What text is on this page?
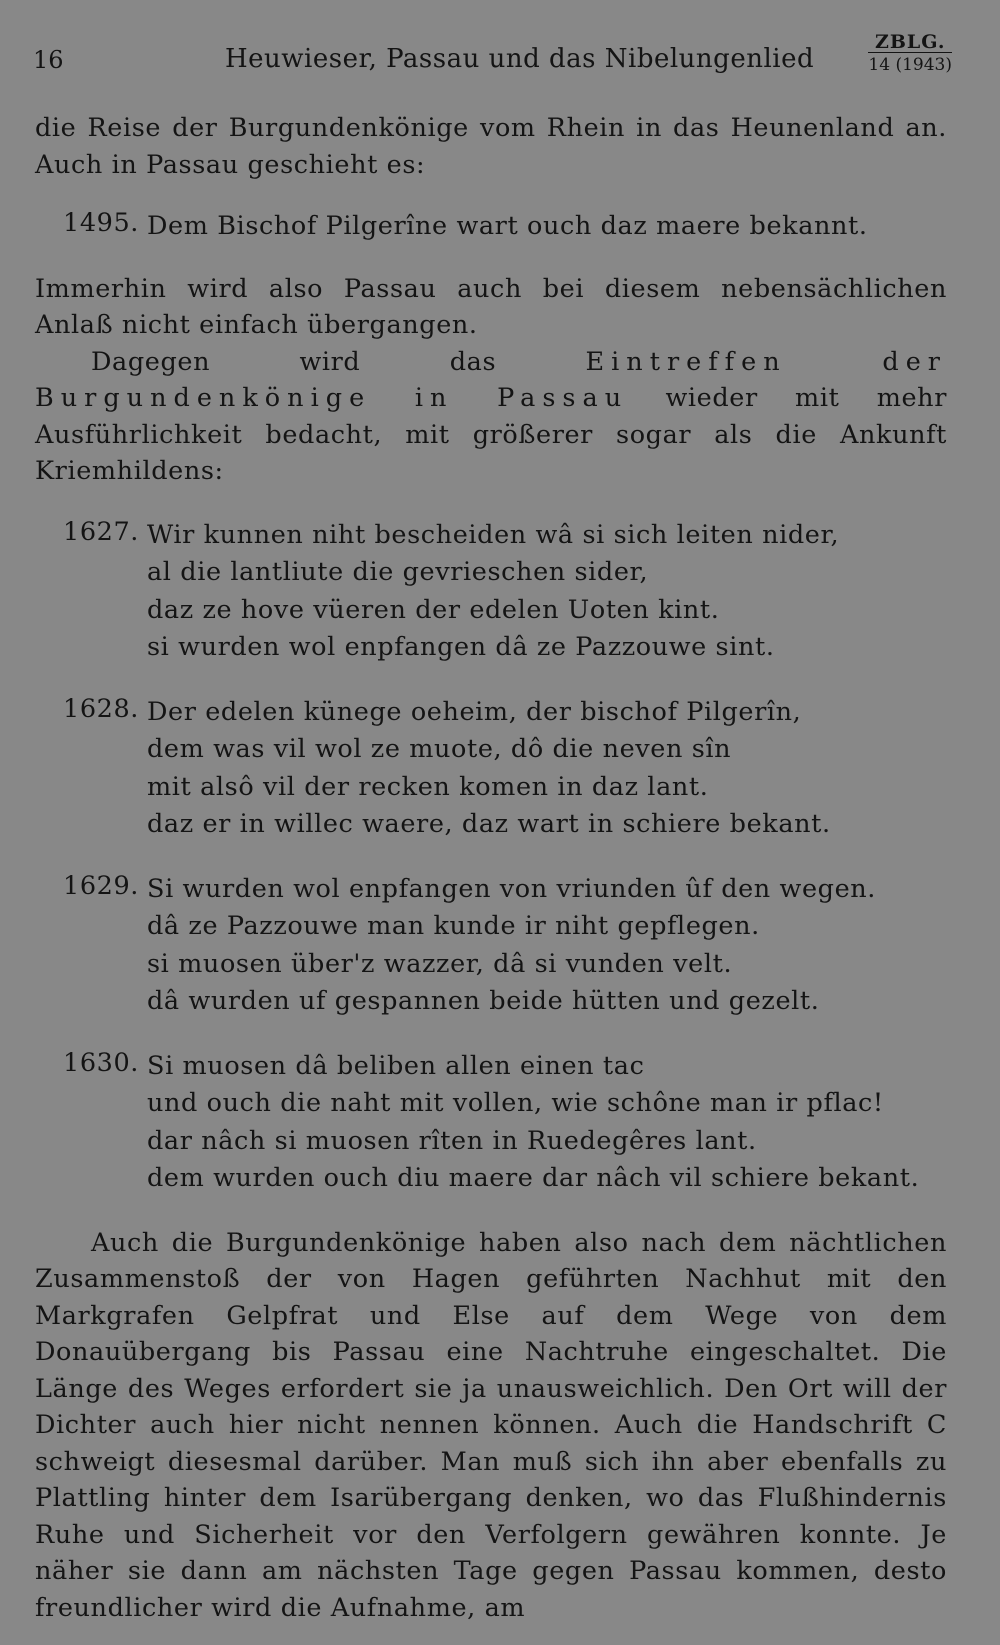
16	Heuwieser, Passau und das Nibelungenlied
ZBLG.
14 (1943)

die Reise der Burgundenkönige vom Rhein in das Heunenland an. Auch in Passau geschieht es:

1495. Dem Bischof Pilgerîne wart ouch daz maere bekannt.

Immerhin wird also Passau auch bei diesem nebensächlichen Anlaß nicht einfach übergangen.

Dagegen wird das Eintreffen der Burgundenkönige in Passau wieder mit mehr Ausführlichkeit bedacht, mit größerer sogar als die Ankunft Kriemhildens:

1627. Wir kunnen niht bescheiden wâ si sich leiten nider,
al die lantliute die gevrieschen sider,
daz ze hove vüeren der edelen Uoten kint.
si wurden wol enpfangen dâ ze Pazzouwe sint.
1628. Der edelen künege oeheim, der bischof Pilgerîn,
dem was vil wol ze muote, dô die neven sîn
mit alsô vil der recken komen in daz lant.
daz er in willec waere, daz wart in schiere bekant.
1629. Si wurden wol enpfangen von vriunden ûf den wegen.
dâ ze Pazzouwe man kunde ir niht gepflegen.
si muosen über'z wazzer, dâ si vunden velt.
dâ wurden uf gespannen beide hütten und gezelt.
1630. Si muosen dâ beliben allen einen tac
und ouch die naht mit vollen, wie schône man ir pflac!
dar nâch si muosen rîten in Ruedegêres lant.
dem wurden ouch diu maere dar nâch vil schiere bekant.

Auch die Burgundenkönige haben also nach dem nächtlichen Zusammenstoß der von Hagen geführten Nachhut mit den Markgrafen Gelpfrat und Else auf dem Wege von dem Donauübergang bis Passau eine Nachtruhe eingeschaltet. Die Länge des Weges erfordert sie ja unausweichlich. Den Ort will der Dichter auch hier nicht nennen können. Auch die Handschrift C schweigt diesesmal darüber. Man muß sich ihn aber ebenfalls zu Plattling hinter dem Isarübergang denken, wo das Flußhindernis Ruhe und Sicherheit vor den Verfolgern gewähren konnte. Je näher sie dann am nächsten Tage gegen Passau kommen, desto freundlicher wird die Aufnahme, am
